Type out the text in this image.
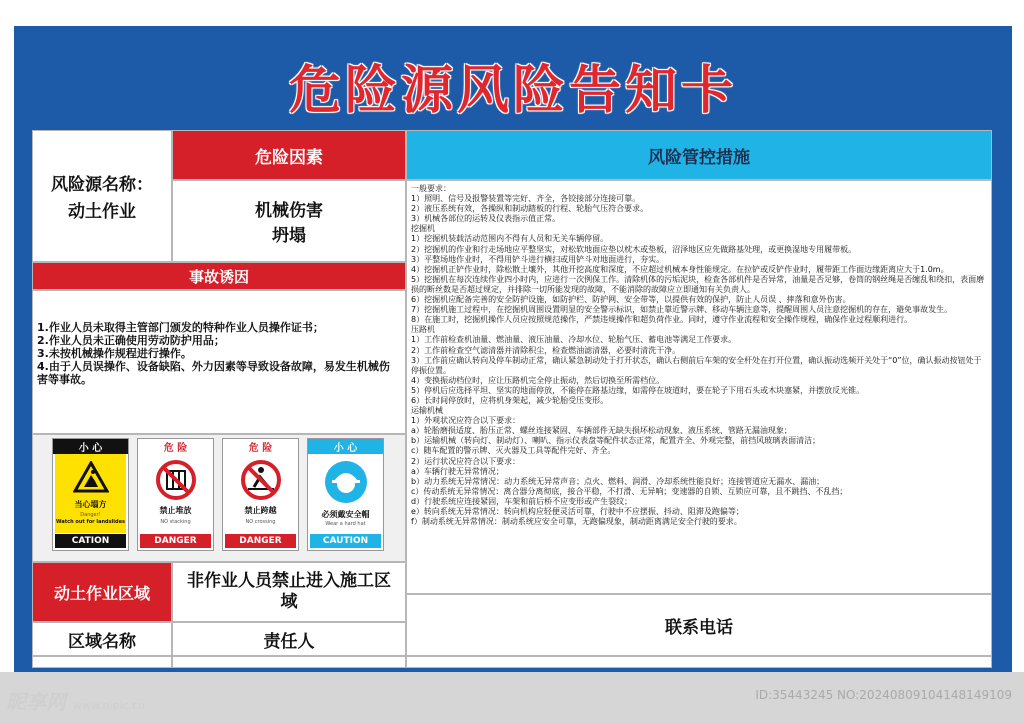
危险源风险告知卡
风险源名称：
动土作业
危险因素
机械伤害
坍塌
风险管控措施
一般要求：
1）照明、信号及报警装置等完好、齐全，各铰接部分连接可靠。
2）液压系统有效，各操纵和制动踏板的行程、轮胎气压符合要求。
3）机械各部位的运转及仪表指示值正常。
挖掘机
1）挖掘机装载活动范围内不得有人员和无关车辆停留。
2）挖掘机的作业和行走场地应平整坚实，对松软地面应垫以枕木或垫板，沼泽地区应先做路基处理，或更换湿地专用履带板。
3）平整场地作业时，不得用铲斗进行横扫或用铲斗对地面进行，夯实。
4）挖掘机正铲作业时，除松散土壤外，其他开挖高度和深度，不应超过机械本身性能规定。在拉铲或反铲作业时，履带距工作面边缘距离应大于1.0m。
5）挖掘机在每次连续作业四小时内，应进行一次例保工作。清除机体的污垢泥块，检查各部机件是否异常，油量是否足够，卷筒的钢丝绳是否缠乱和绕扣，表面磨损的断丝数是否超过规定，并排除一切所能发现的故障，不能消除的故障应立即通知有关负责人。
6）挖掘机应配备完善的安全防护设施，如防护栏、防护网、安全带等，以提供有效的保护，防止人员误 、摔落和意外伤害。
7）挖掘机施工过程中，在挖掘机周围设置明显的安全警示标识，如禁止靠近警示牌、移动车辆注意等，提醒周围人员注意挖掘机的存在，避免事故发生。
8）在施工时，挖掘机操作人员应按照规范操作，严禁违规操作和超负荷作业。同时，遵守作业流程和安全操作规程，确保作业过程顺利进行。
压路机
1）工作前检查机油量、燃油量、液压油量、冷却水位、轮胎气压、蓄电池等满足工作要求。
2）工作前检查空气滤清器并清除积尘，检查燃油滤清器，必要时清洗干净。
3）工作前应确认转向及停车制动正常，确认紧急制动处于打开状态，确认右侧前后车架的安全杆处在打开位置，确认振动选频开关处于“0”位，确认振动按钮处于停振位置。
4）变换振动档位时，应让压路机完全停止振动，然后切换至所需档位。
5）停机后应选择平坦、坚实的地面停放，不能停在路基边缘，如需停在坡道时，要在轮子下用石头或木块塞紧，并摆放反光锥。
6）长时间停放时，应将机身架起，减少轮胎受压变形。
运输机械
1）外观状况应符合以下要求：
a）轮胎磨损适度、胎压正常、螺丝连接紧固、车辆部件无缺失损坏松动现象、液压系统、管路无漏油现象；
b）运输机械（转向灯、制动灯）、喇叭、指示仪表盘等配件状态正常，配置齐全、外观完整，前挡风玻璃表面清洁；
c）随车配置的警示牌、灭火器及工具等配件完好、齐全。
2）运行状况应符合以下要求：
a）车辆行驶无异常情况；
b）动力系统无异常情况：动力系统无异常声音；点火、燃料、润滑、冷却系统性能良好；连接管道应无漏水、漏油；
c）传动系统无异常情况：离合器分离彻底，接合平稳，不打滑、无异响；变速器的自锁、互锁应可靠，且不跳挡、不乱挡；
d）行驶系统应连接紧固，车架和前后桥不应变形或产生裂纹；
e）转向系统无异常情况：转向机构应轻便灵活可靠，行驶中不应摆振、抖动、阻滞及跑偏等；
f）制动系统无异常情况：制动系统应安全可靠，无跑偏现象，制动距离满足安全行驶的要求。
事故诱因
1.作业人员未取得主管部门颁发的特种作业人员操作证书；
2.作业人员未正确使用劳动防护用品；
3.未按机械操作规程进行操作。
4.由于人员误操作、设备缺陷、外力因素等导致设备故障，易发生机械伤害等事故。
小 心
当心塌方
Danger!
Watch out for landslides
CATION
危 险
禁止堆放
NO stacking
DANGER
危 险
禁止跨越
NO crossing
DANGER
小 心
必须戴安全帽
Wear a hard hat
CAUTION
动土作业区域
非作业人员禁止进入施工区域
区域名称	责任人
联系电话
昵享网 www.nipic.cn
ID:35443245 NO:20240809104148149109
